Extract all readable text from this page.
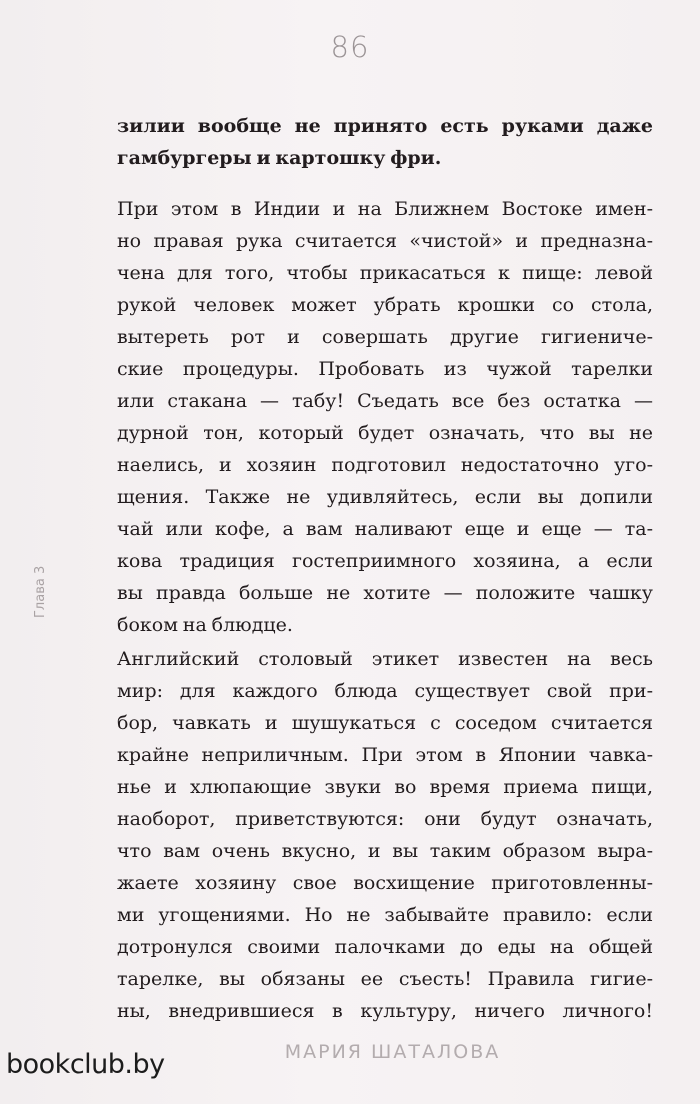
86
Глава 3
зилии вообще не принято есть руками даже
гамбургеры и картошку фри.
При этом в Индии и на Ближнем Востоке имен-
но правая рука считается «чистой» и предназна-
чена для того, чтобы прикасаться к пище: левой
рукой человек может убрать крошки со стола,
вытереть рот и совершать другие гигиениче-
ские процедуры. Пробовать из чужой тарелки
или стакана — табу! Съедать все без остатка —
дурной тон, который будет означать, что вы не
наелись, и хозяин подготовил недостаточно уго-
щения. Также не удивляйтесь, если вы допили
чай или кофе, а вам наливают еще и еще — та-
кова традиция гостеприимного хозяина, а если
вы правда больше не хотите — положите чашку
боком на блюдце.
Английский столовый этикет известен на весь
мир: для каждого блюда существует свой при-
бор, чавкать и шушукаться с соседом считается
крайне неприличным. При этом в Японии чавка-
нье и хлюпающие звуки во время приема пищи,
наоборот, приветствуются: они будут означать,
что вам очень вкусно, и вы таким образом выра-
жаете хозяину свое восхищение приготовленны-
ми угощениями. Но не забывайте правило: если
дотронулся своими палочками до еды на общей
тарелке, вы обязаны ее съесть! Правила гигие-
ны, внедрившиеся в культуру, ничего личного!
МАРИЯ ШАТАЛОВА
bookclub.by
